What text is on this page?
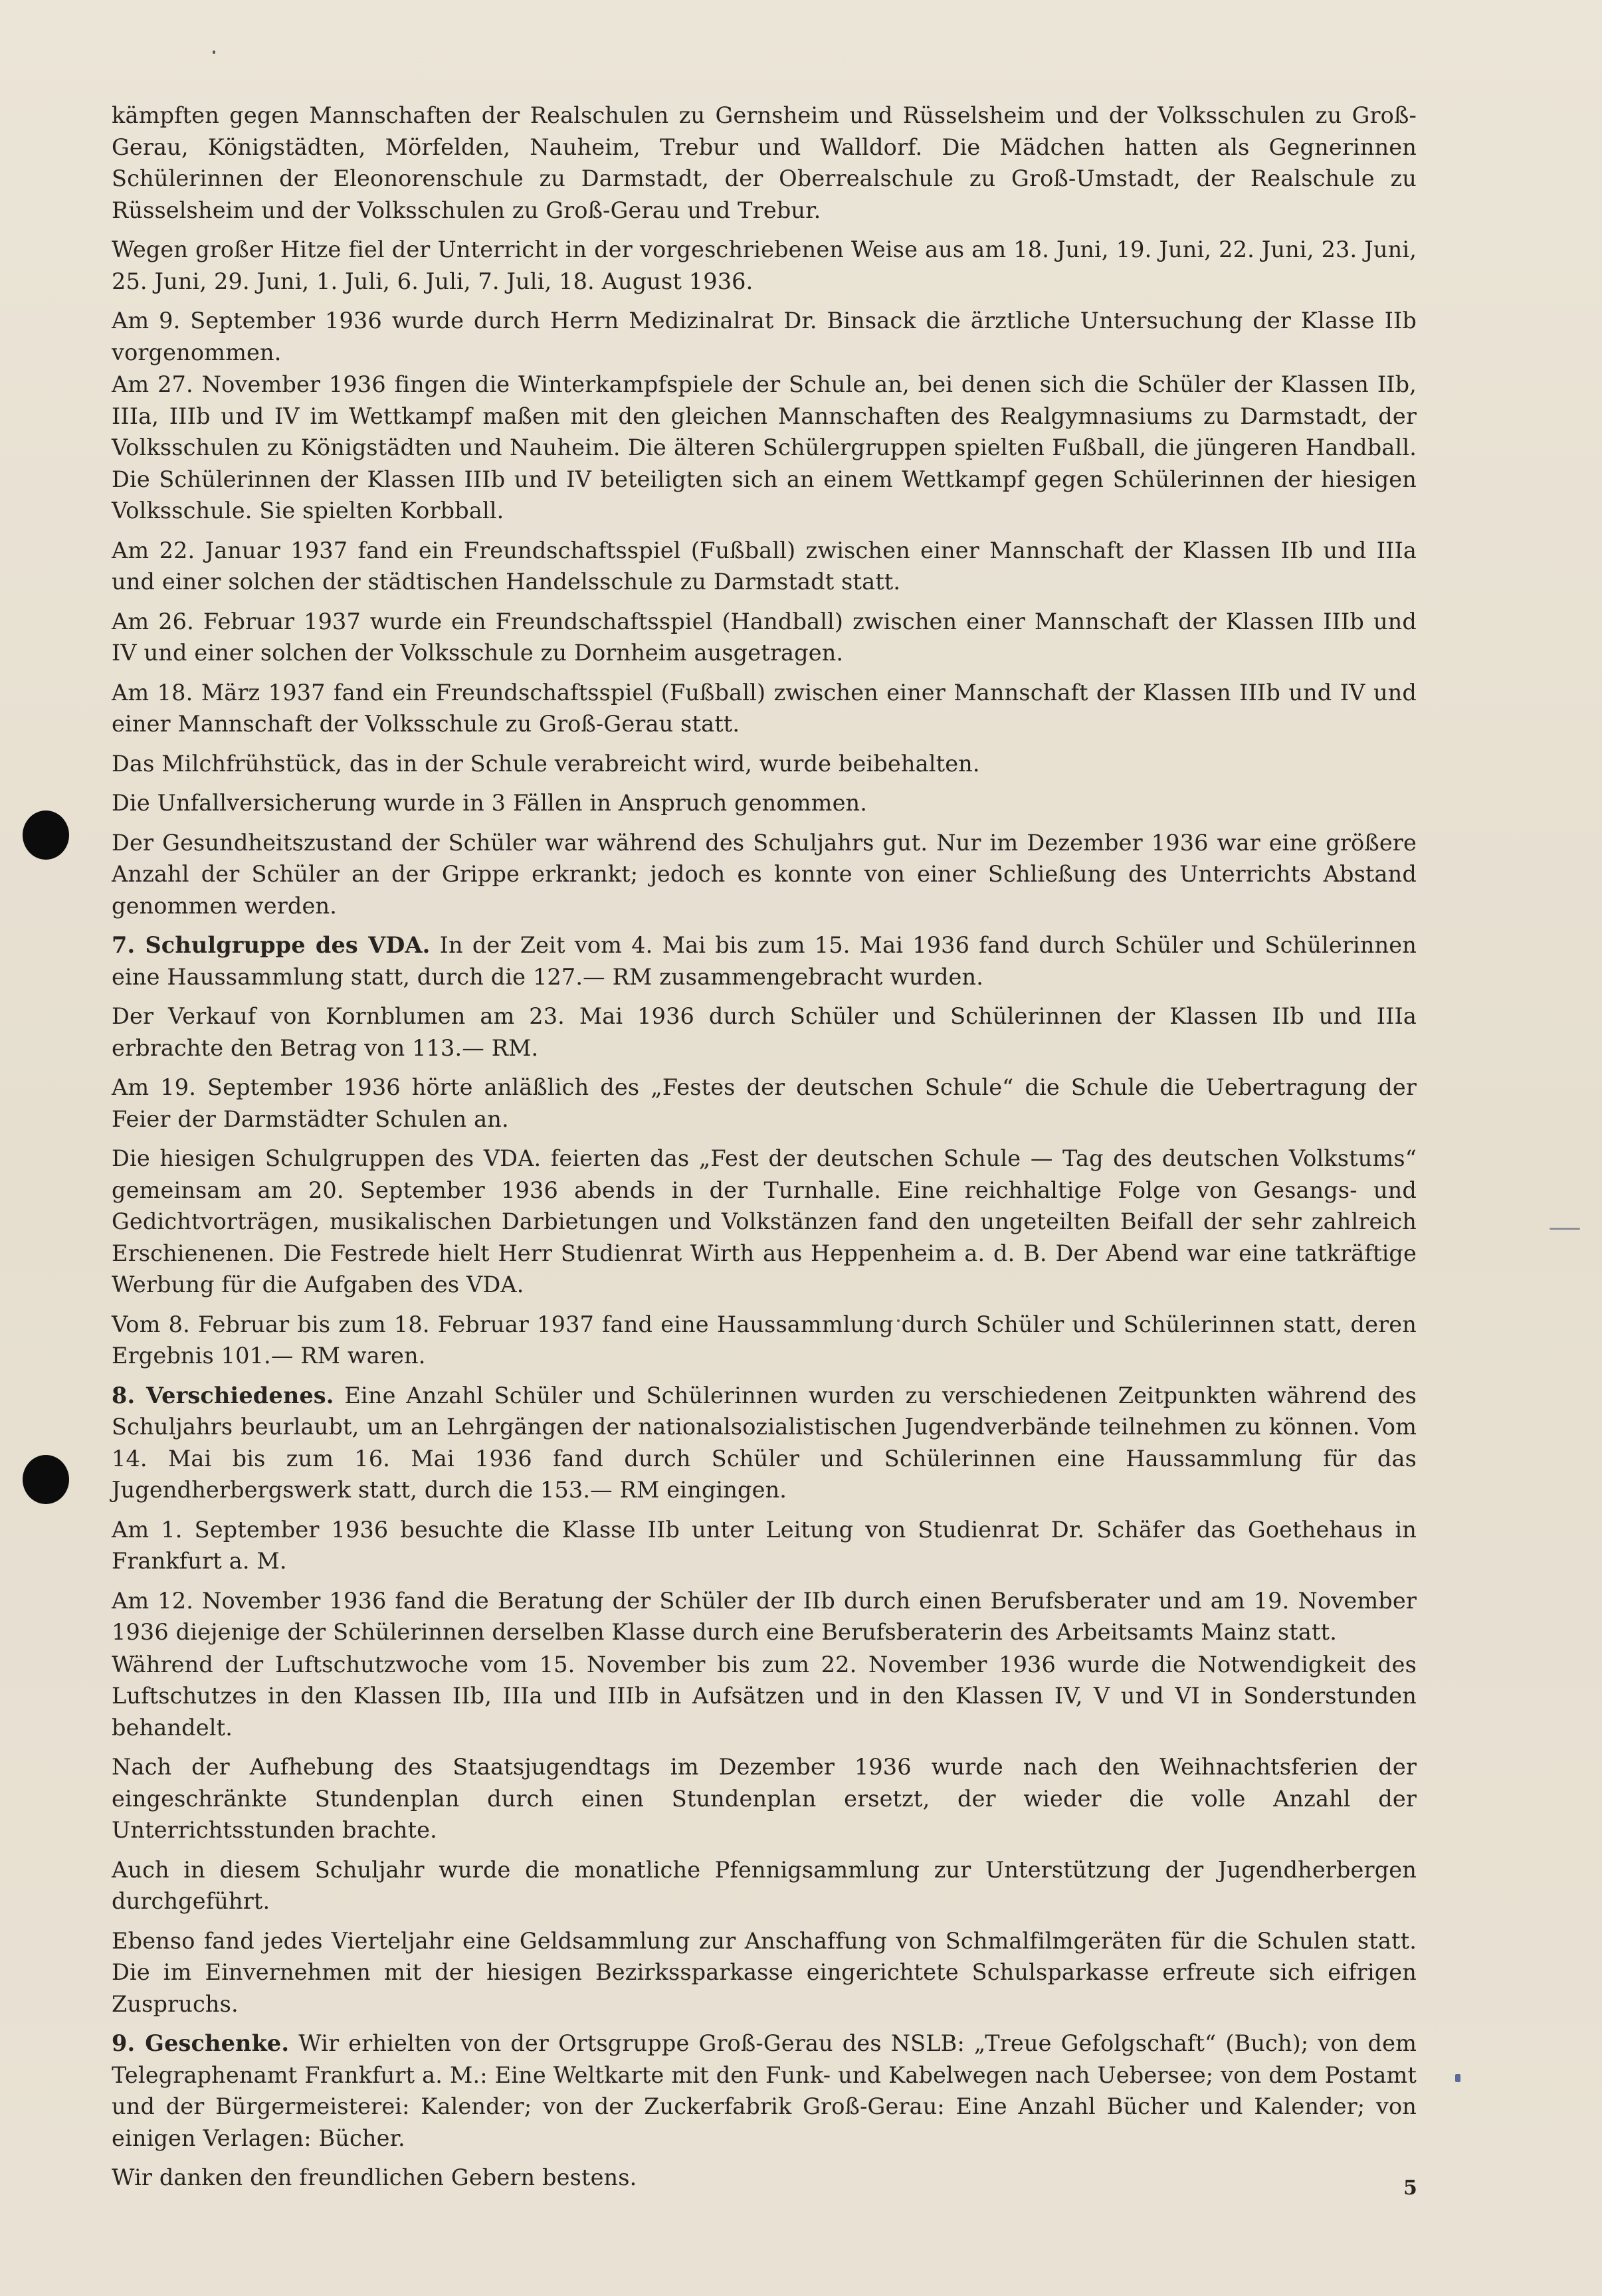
kämpften gegen Mannschaften der Realschulen zu Gernsheim und Rüsselsheim und der Volksschulen zu Groß-Gerau, Königstädten, Mörfelden, Nauheim, Trebur und Walldorf. Die Mädchen hatten als Gegnerinnen Schülerinnen der Eleonorenschule zu Darmstadt, der Oberrealschule zu Groß-Umstadt, der Realschule zu Rüsselsheim und der Volksschulen zu Groß-Gerau und Trebur.

Wegen großer Hitze fiel der Unterricht in der vorgeschriebenen Weise aus am 18. Juni, 19. Juni, 22. Juni, 23. Juni, 25. Juni, 29. Juni, 1. Juli, 6. Juli, 7. Juli, 18. August 1936.

Am 9. September 1936 wurde durch Herrn Medizinalrat Dr. Binsack die ärztliche Untersuchung der Klasse IIb vorgenommen.

Am 27. November 1936 fingen die Winterkampfspiele der Schule an, bei denen sich die Schüler der Klassen IIb, IIIa, IIIb und IV im Wettkampf maßen mit den gleichen Mannschaften des Realgymnasiums zu Darmstadt, der Volksschulen zu Königstädten und Nauheim. Die älteren Schülergruppen spielten Fußball, die jüngeren Handball. Die Schülerinnen der Klassen IIIb und IV beteiligten sich an einem Wettkampf gegen Schülerinnen der hiesigen Volksschule. Sie spielten Korbball.

Am 22. Januar 1937 fand ein Freundschaftsspiel (Fußball) zwischen einer Mannschaft der Klassen IIb und IIIa und einer solchen der städtischen Handelsschule zu Darmstadt statt.

Am 26. Februar 1937 wurde ein Freundschaftsspiel (Handball) zwischen einer Mannschaft der Klassen IIIb und IV und einer solchen der Volksschule zu Dornheim ausgetragen.

Am 18. März 1937 fand ein Freundschaftsspiel (Fußball) zwischen einer Mannschaft der Klassen IIIb und IV und einer Mannschaft der Volksschule zu Groß-Gerau statt.

Das Milchfrühstück, das in der Schule verabreicht wird, wurde beibehalten.

Die Unfallversicherung wurde in 3 Fällen in Anspruch genommen.

Der Gesundheitszustand der Schüler war während des Schuljahrs gut. Nur im Dezember 1936 war eine größere Anzahl der Schüler an der Grippe erkrankt; jedoch es konnte von einer Schließung des Unterrichts Abstand genommen werden.

7. Schulgruppe des VDA. In der Zeit vom 4. Mai bis zum 15. Mai 1936 fand durch Schüler und Schülerinnen eine Haussammlung statt, durch die 127.— RM zusammengebracht wurden.

Der Verkauf von Kornblumen am 23. Mai 1936 durch Schüler und Schülerinnen der Klassen IIb und IIIa erbrachte den Betrag von 113.— RM.

Am 19. September 1936 hörte anläßlich des „Festes der deutschen Schule“ die Schule die Uebertragung der Feier der Darmstädter Schulen an.

Die hiesigen Schulgruppen des VDA. feierten das „Fest der deutschen Schule — Tag des deutschen Volkstums“ gemeinsam am 20. September 1936 abends in der Turnhalle. Eine reichhaltige Folge von Gesangs- und Gedichtvorträgen, musikalischen Darbietungen und Volkstänzen fand den ungeteilten Beifall der sehr zahlreich Erschienenen. Die Festrede hielt Herr Studienrat Wirth aus Heppenheim a. d. B. Der Abend war eine tatkräftige Werbung für die Aufgaben des VDA.

Vom 8. Februar bis zum 18. Februar 1937 fand eine Haussammlung durch Schüler und Schülerinnen statt, deren Ergebnis 101.— RM waren.

8. Verschiedenes. Eine Anzahl Schüler und Schülerinnen wurden zu verschiedenen Zeitpunkten während des Schuljahrs beurlaubt, um an Lehrgängen der nationalsozialistischen Jugendverbände teilnehmen zu können. Vom 14. Mai bis zum 16. Mai 1936 fand durch Schüler und Schülerinnen eine Haussammlung für das Jugendherbergswerk statt, durch die 153.— RM eingingen.

Am 1. September 1936 besuchte die Klasse IIb unter Leitung von Studienrat Dr. Schäfer das Goethehaus in Frankfurt a. M.

Am 12. November 1936 fand die Beratung der Schüler der IIb durch einen Berufsberater und am 19. November 1936 diejenige der Schülerinnen derselben Klasse durch eine Berufsberaterin des Arbeitsamts Mainz statt.

Während der Luftschutzwoche vom 15. November bis zum 22. November 1936 wurde die Notwendigkeit des Luftschutzes in den Klassen IIb, IIIa und IIIb in Aufsätzen und in den Klassen IV, V und VI in Sonderstunden behandelt.

Nach der Aufhebung des Staatsjugendtags im Dezember 1936 wurde nach den Weihnachtsferien der eingeschränkte Stundenplan durch einen Stundenplan ersetzt, der wieder die volle Anzahl der Unterrichtsstunden brachte.

Auch in diesem Schuljahr wurde die monatliche Pfennigsammlung zur Unterstützung der Jugendherbergen durchgeführt.

Ebenso fand jedes Vierteljahr eine Geldsammlung zur Anschaffung von Schmalfilmgeräten für die Schulen statt. Die im Einvernehmen mit der hiesigen Bezirkssparkasse eingerichtete Schulsparkasse erfreute sich eifrigen Zuspruchs.

9. Geschenke. Wir erhielten von der Ortsgruppe Groß-Gerau des NSLB: „Treue Gefolgschaft“ (Buch); von dem Telegraphenamt Frankfurt a. M.: Eine Weltkarte mit den Funk- und Kabelwegen nach Uebersee; von dem Postamt und der Bürgermeisterei: Kalender; von der Zuckerfabrik Groß-Gerau: Eine Anzahl Bücher und Kalender; von einigen Verlagen: Bücher.

Wir danken den freundlichen Gebern bestens.	5
